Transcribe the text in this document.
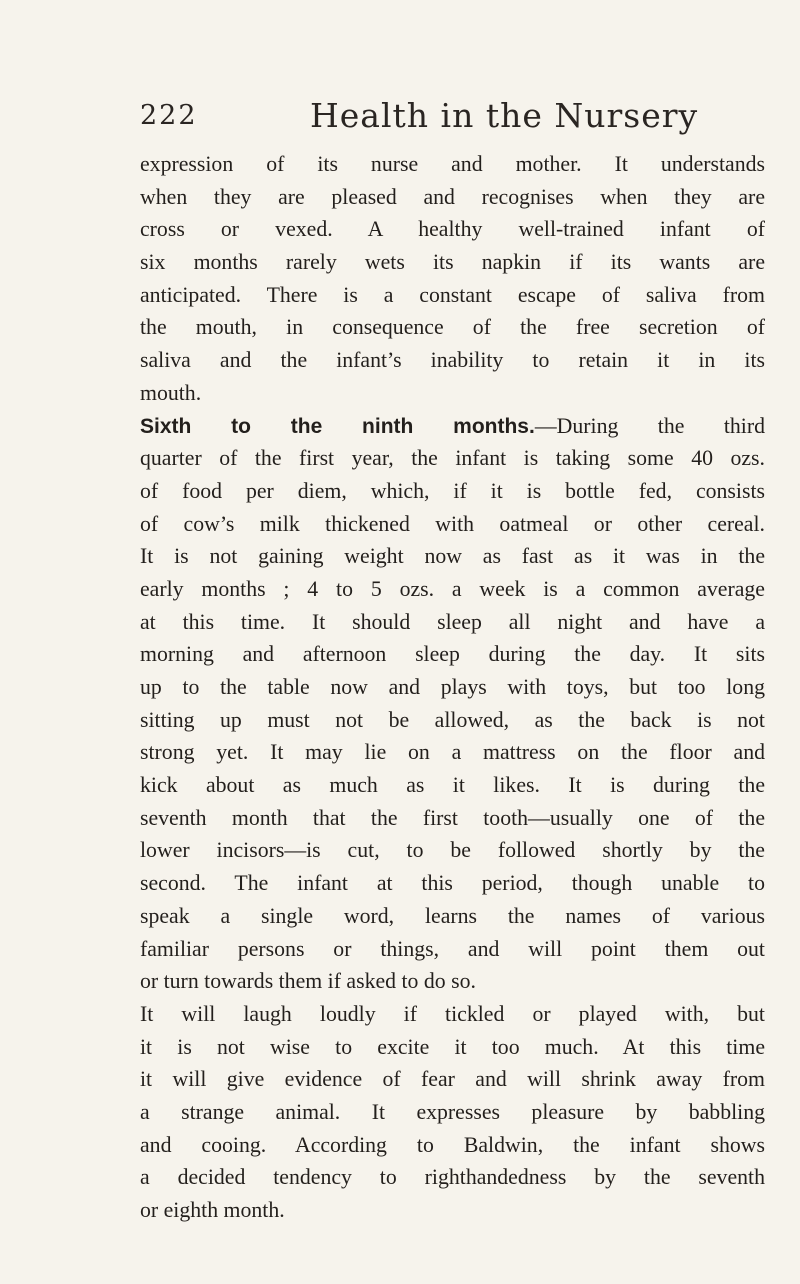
222	Health in the Nursery
expression of its nurse and mother. It understands
when they are pleased and recognises when they are
cross or vexed. A healthy well-trained infant of
six months rarely wets its napkin if its wants are
anticipated. There is a constant escape of saliva from
the mouth, in consequence of the free secretion of
saliva and the infant’s inability to retain it in its
mouth.
Sixth to the ninth months.—During the third
quarter of the first year, the infant is taking some 40 ozs.
of food per diem, which, if it is bottle fed, consists
of cow’s milk thickened with oatmeal or other cereal.
It is not gaining weight now as fast as it was in the
early months ; 4 to 5 ozs. a week is a common average
at this time. It should sleep all night and have a
morning and afternoon sleep during the day. It sits
up to the table now and plays with toys, but too long
sitting up must not be allowed, as the back is not
strong yet. It may lie on a mattress on the floor and
kick about as much as it likes. It is during the
seventh month that the first tooth—usually one of the
lower incisors—is cut, to be followed shortly by the
second. The infant at this period, though unable to
speak a single word, learns the names of various
familiar persons or things, and will point them out
or turn towards them if asked to do so.
It will laugh loudly if tickled or played with, but
it is not wise to excite it too much. At this time
it will give evidence of fear and will shrink away from
a strange animal. It expresses pleasure by babbling
and cooing. According to Baldwin, the infant shows
a decided tendency to righthandedness by the seventh
or eighth month.
